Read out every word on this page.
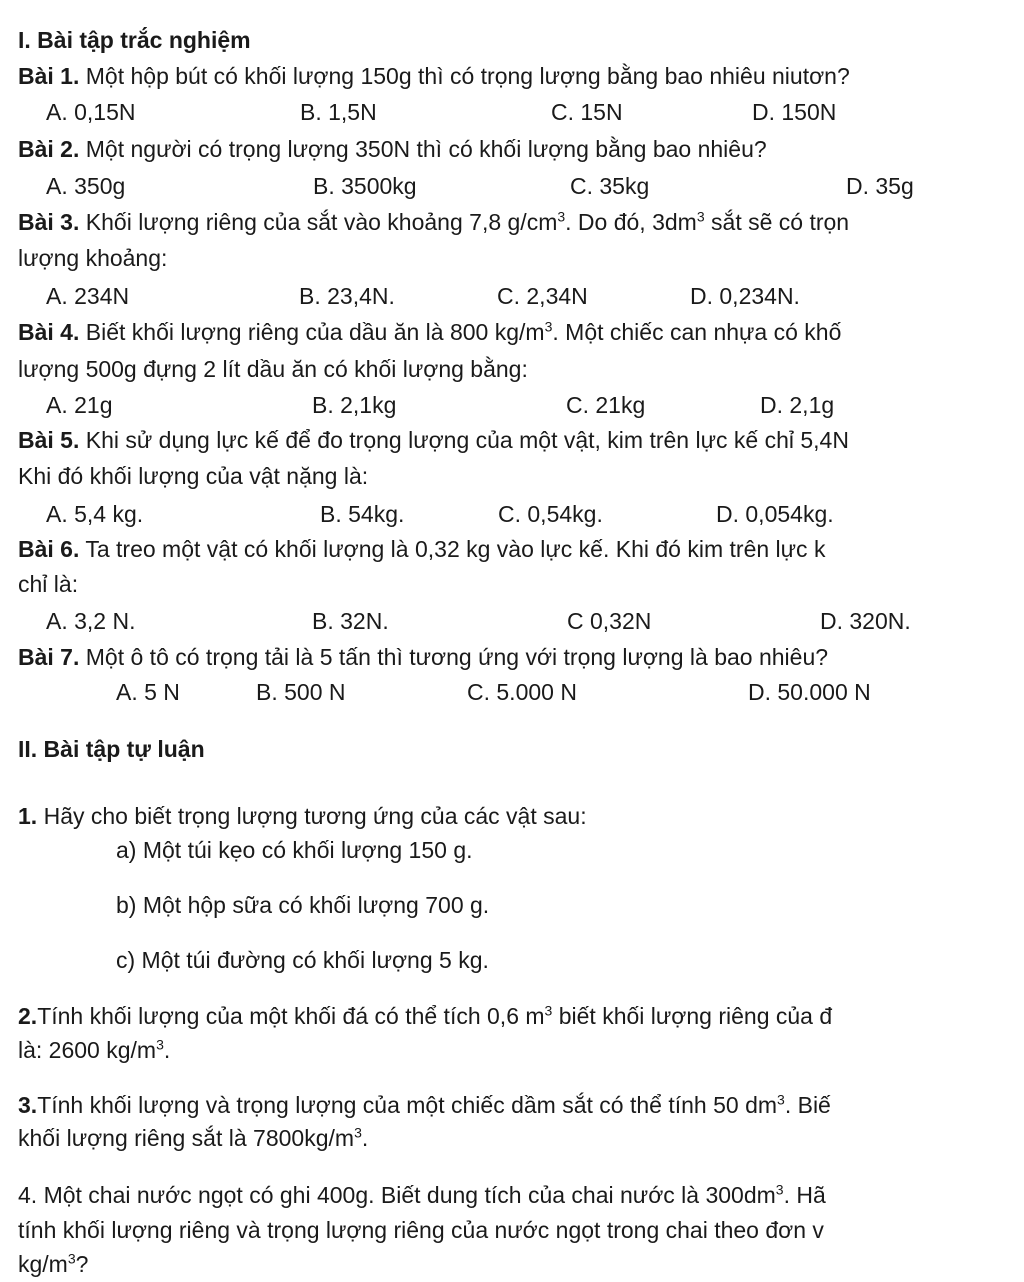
I. Bài tập trắc nghiệm
Bài 1. Một hộp bút có khối lượng 150g thì có trọng lượng bằng bao nhiêu niutơn?
A. 0,15N	B. 1,5N	C. 15N	D. 150N
Bài 2. Một người có trọng lượng 350N thì có khối lượng bằng bao nhiêu?
A. 350g	B. 3500kg	C. 35kg	D. 35g
Bài 3. Khối lượng riêng của sắt vào khoảng 7,8 $g/cm^3$. Do đó, $3dm^3$ sắt sẽ có trọn
lượng khoảng:
A. 234N	B. 23,4N.	C. 2,34N	D. 0,234N.
Bài 4. Biết khối lượng riêng của dầu ăn là 800 $kg/m^3$. Một chiếc can nhựa có khố
lượng 500g đựng 2 lít dầu ăn có khối lượng bằng:
A. 21g	B. 2,1kg	C. 21kg	D. 2,1g
Bài 5. Khi sử dụng lực kế để đo trọng lượng của một vật, kim trên lực kế chỉ 5,4N
Khi đó khối lượng của vật nặng là:
A. 5,4 kg.	B. 54kg.	C. 0,54kg.	D. 0,054kg.
Bài 6. Ta treo một vật có khối lượng là 0,32 kg vào lực kế. Khi đó kim trên lực k
chỉ là:
A. 3,2 N.	B. 32N.	C 0,32N	D. 320N.
Bài 7. Một ô tô có trọng tải là 5 tấn thì tương ứng với trọng lượng là bao nhiêu?
A. 5 N	B. 500 N	C. 5.000 N	D. 50.000 N
II. Bài tập tự luận
1. Hãy cho biết trọng lượng tương ứng của các vật sau:
a) Một túi kẹo có khối lượng 150 g.
b) Một hộp sữa có khối lượng 700 g.
c) Một túi đường có khối lượng 5 kg.
2.Tính khối lượng của một khối đá có thể tích 0,6 $m^3$ biết khối lượng riêng của đ
là: 2600 $kg/m^3$.
3.Tính khối lượng và trọng lượng của một chiếc dầm sắt có thể tính 50 $dm^3$. Biế
khối lượng riêng sắt là $7800kg/m^3$.
4. Một chai nước ngọt có ghi 400g. Biết dung tích của chai nước là $300dm^3$. Hã
tính khối lượng riêng và trọng lượng riêng của nước ngọt trong chai theo đơn v
$kg/m^3$?
